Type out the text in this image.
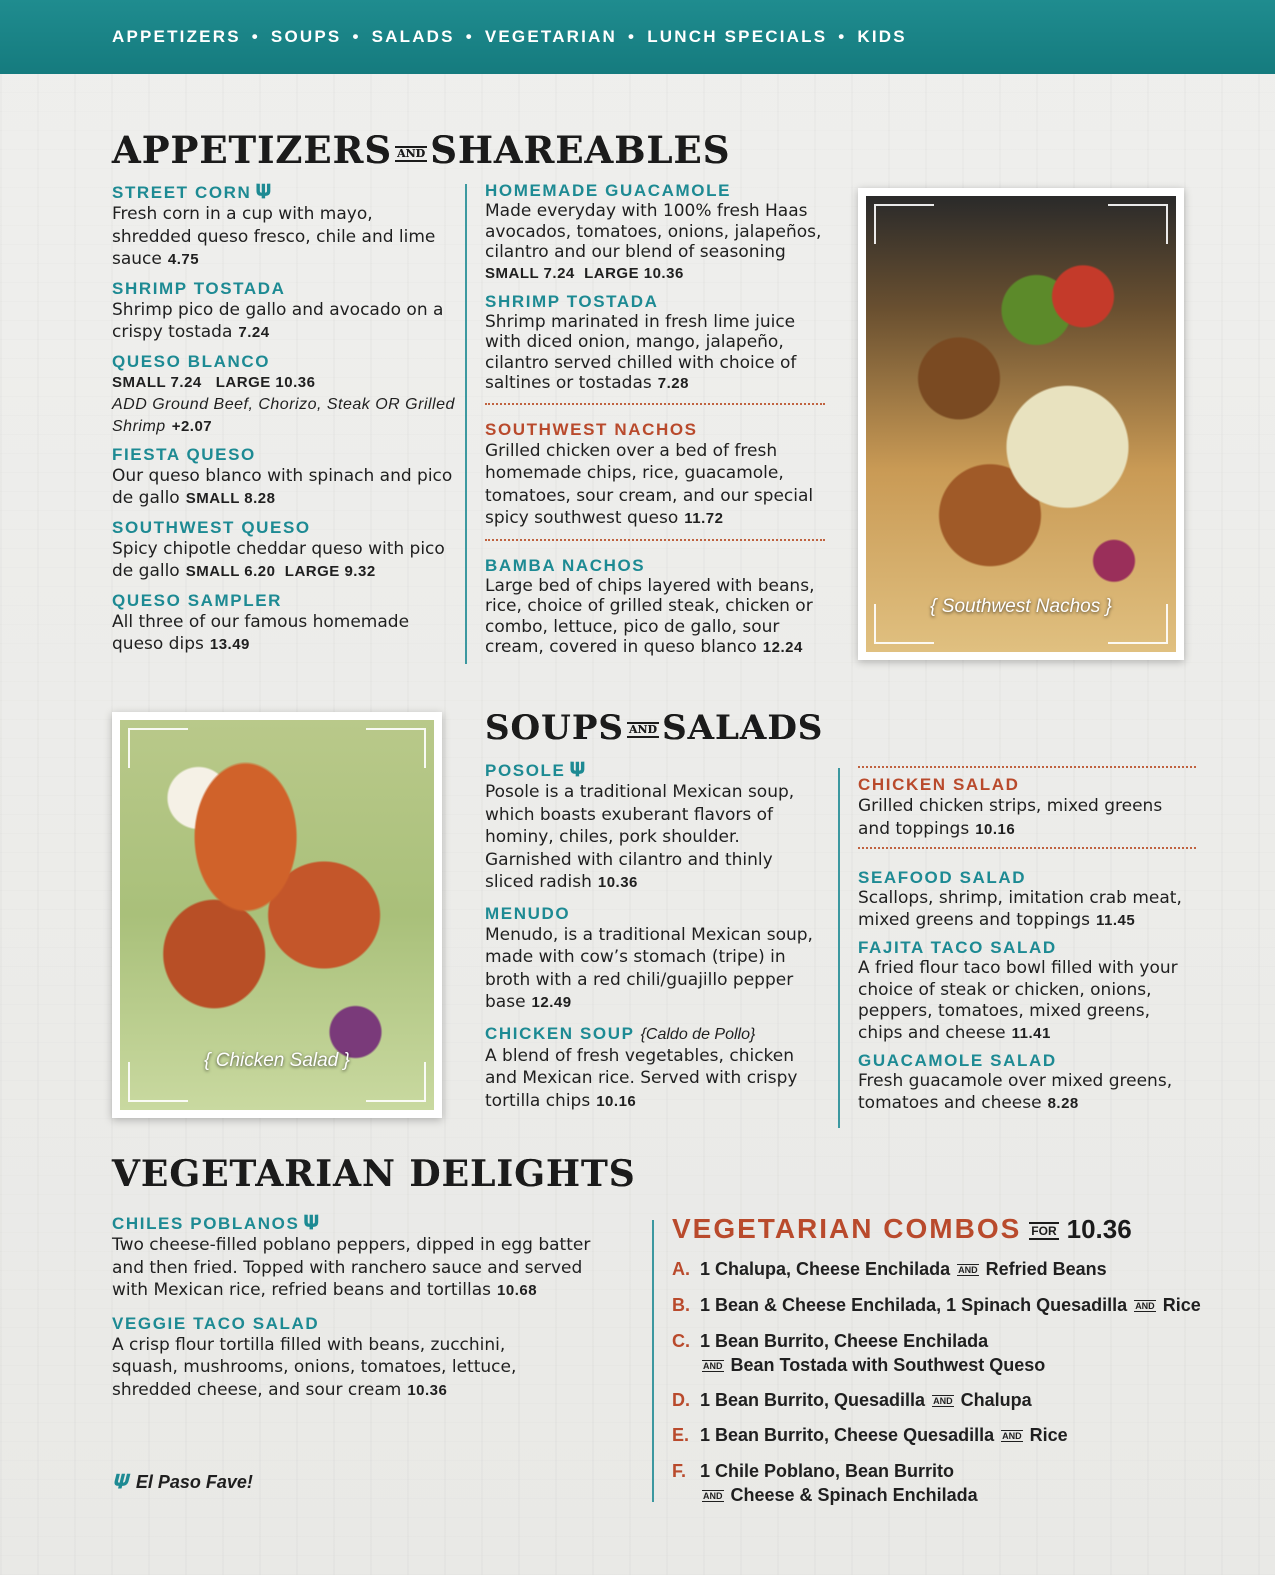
APPETIZERS • SOUPS • SALADS • VEGETARIAN • LUNCH SPECIALS • KIDS
APPETIZERS AND SHAREABLES
STREET CORN 𝚿
Fresh corn in a cup with mayo, shredded queso fresco, chile and lime sauce 4.75
SHRIMP TOSTADA
Shrimp pico de gallo and avocado on a crispy tostada 7.24
QUESO BLANCO
SMALL 7.24   LARGE 10.36
ADD Ground Beef, Chorizo, Steak OR Grilled Shrimp +2.07
FIESTA QUESO
Our queso blanco with spinach and pico de gallo SMALL 8.28
SOUTHWEST QUESO
Spicy chipotle cheddar queso with pico de gallo SMALL 6.20  LARGE 9.32
QUESO SAMPLER
All three of our famous homemade queso dips 13.49
HOMEMADE GUACAMOLE
Made everyday with 100% fresh Haas avocados, tomatoes, onions, jalapeños, cilantro and our blend of seasoning
SMALL 7.24  LARGE 10.36
SHRIMP TOSTADA
Shrimp marinated in fresh lime juice with diced onion, mango, jalapeño, cilantro served chilled with choice of saltines or tostadas 7.28
SOUTHWEST NACHOS
Grilled chicken over a bed of fresh homemade chips, rice, guacamole, tomatoes, sour cream, and our special spicy southwest queso 11.72
BAMBA NACHOS
Large bed of chips layered with beans, rice, choice of grilled steak, chicken or combo, lettuce, pico de gallo, sour cream, covered in queso blanco 12.24
{ Southwest Nachos }
{ Chicken Salad }
SOUPS AND SALADS
POSOLE 𝚿
Posole is a traditional Mexican soup, which boasts exuberant flavors of hominy, chiles, pork shoulder. Garnished with cilantro and thinly sliced radish 10.36
MENUDO
Menudo, is a traditional Mexican soup, made with cow’s stomach (tripe) in broth with a red chili/guajillo pepper base 12.49
CHICKEN SOUP {Caldo de Pollo}
A blend of fresh vegetables, chicken and Mexican rice. Served with crispy tortilla chips 10.16
CHICKEN SALAD
Grilled chicken strips, mixed greens and toppings 10.16
SEAFOOD SALAD
Scallops, shrimp, imitation crab meat, mixed greens and toppings 11.45
FAJITA TACO SALAD
A fried flour taco bowl filled with your choice of steak or chicken, onions, peppers, tomatoes, mixed greens, chips and cheese 11.41
GUACAMOLE SALAD
Fresh guacamole over mixed greens, tomatoes and cheese 8.28
VEGETARIAN DELIGHTS
CHILES POBLANOS 𝚿
Two cheese-filled poblano peppers, dipped in egg batter and then fried. Topped with ranchero sauce and served with Mexican rice, refried beans and tortillas 10.68
VEGGIE TACO SALAD
A crisp flour tortilla filled with beans, zucchini, squash, mushrooms, onions, tomatoes, lettuce, shredded cheese, and sour cream 10.36
VEGETARIAN COMBOS FOR 10.36
A. 1 Chalupa, Cheese Enchilada AND Refried Beans
B. 1 Bean & Cheese Enchilada, 1 Spinach Quesadilla AND Rice
C. 1 Bean Burrito, Cheese Enchilada
AND Bean Tostada with Southwest Queso
D. 1 Bean Burrito, Quesadilla AND Chalupa
E. 1 Bean Burrito, Cheese Quesadilla AND Rice
F. 1 Chile Poblano, Bean Burrito
AND Cheese & Spinach Enchilada
𝚿 El Paso Fave!
